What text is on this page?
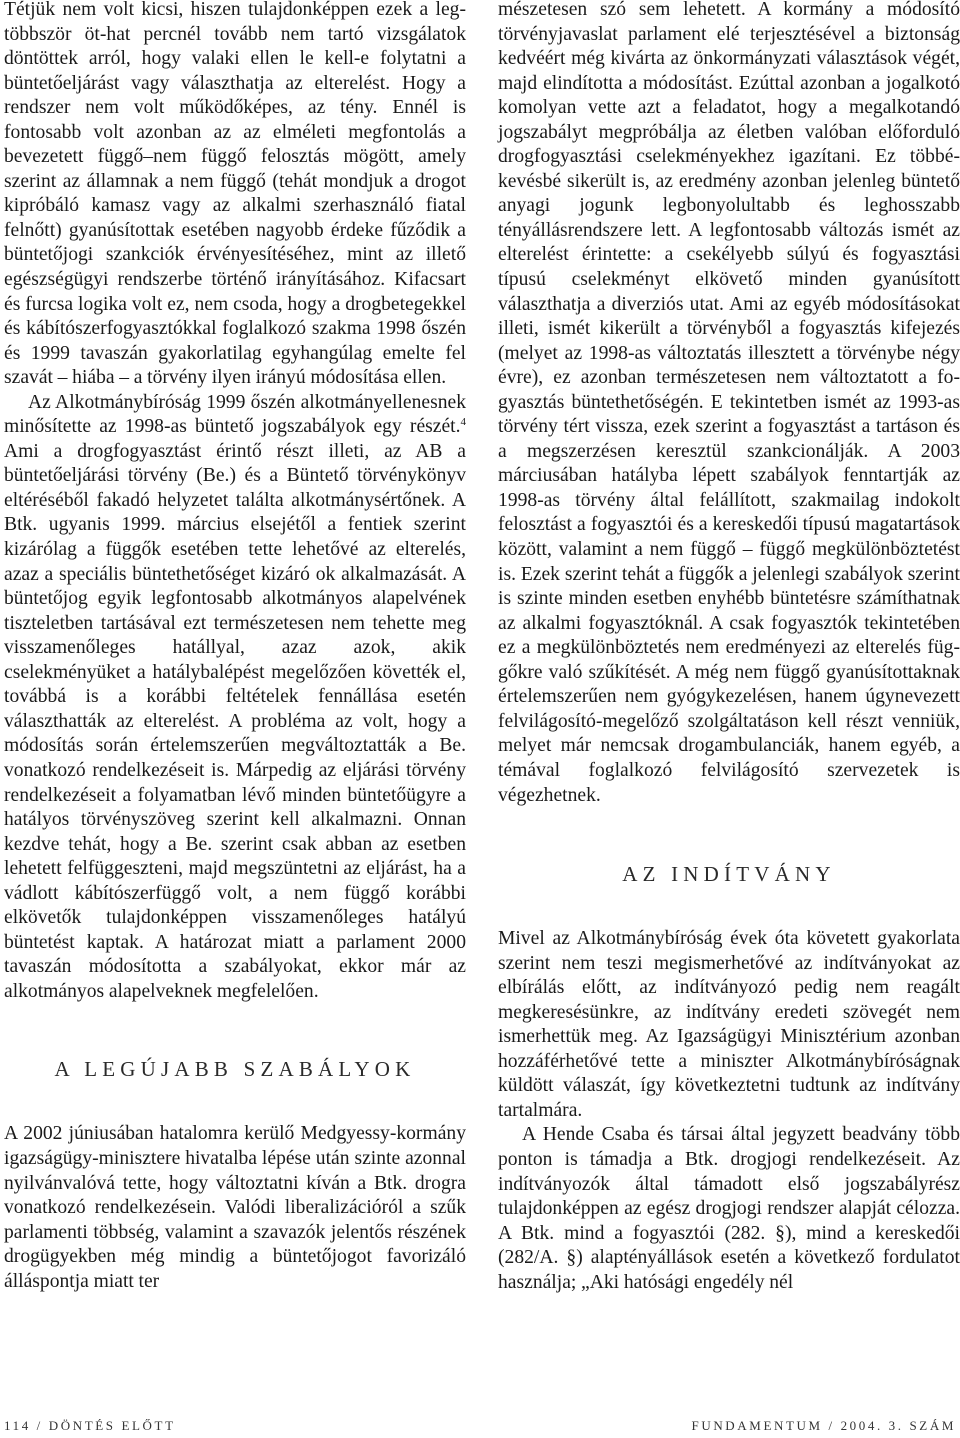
Tétjük nem volt kicsi, hiszen tulajdonképpen ezek a legtöbbször öt-hat percnél tovább nem tartó vizsgálatok döntöttek arról, hogy valaki ellen le kell-e folytatni a büntetőeljárást vagy választhatja az elterelést. Hogy a rendszer nem volt működőképes, az tény. Ennél is fontosabb volt azonban az az elméleti megfontolás a bevezetett függő–nem függő felosztás mögött, amely szerint az államnak a nem függő (tehát mondjuk a drogot kipróbáló kamasz vagy az alkalmi szerhasználó fiatal felnőtt) gyanúsítottak esetében nagyobb érdeke fűződik a büntetőjogi szankciók érvényesítéséhez, mint az illető egészségügyi rendszerbe történő irányításához. Kifacsart és furcsa logika volt ez, nem csoda, hogy a drogbetegekkel és kábítószerfogyasztókkal foglalkozó szakma 1998 őszén és 1999 tavaszán gyakorlatilag egyhangúlag emelte fel szavát – hiába – a törvény ilyen irányú módosítása ellen.

Az Alkotmánybíróság 1999 őszén alkotmányellenesnek minősítette az 1998-as büntető jogszabályok egy részét.$^4$ Ami a drogfogyasztást érintő részt illeti, az AB a büntetőeljárási törvény (Be.) és a Büntető törvénykönyv eltéréséből fakadó helyzetet találta alkotmánysértőnek. A Btk. ugyanis 1999. március elsejétől a fentiek szerint kizárólag a függők esetében tette lehetővé az elterelés, azaz a speciális büntethetőséget kizáró ok alkalmazását. A büntetőjog egyik legfontosabb alkotmányos alapelvének tiszteletben tartásával ezt természetesen nem tehette meg visszamenőleges hatállyal, azaz azok, akik cselekményüket a hatálybalépést megelőzően követték el, továbbá is a korábbi feltételek fennállása esetén választhatták az elterelést. A probléma az volt, hogy a módosítás során értelemszerűen megváltoztatták a Be. vonatkozó rendelkezéseit is. Márpedig az eljárási törvény rendelkezéseit a folyamatban lévő minden büntetőügyre a hatályos törvényszöveg szerint kell alkalmazni. Onnan kezdve tehát, hogy a Be. szerint csak abban az esetben lehetett felfüggeszteni, majd megszüntetni az eljárást, ha a vádlott kábítószerfüggő volt, a nem függő korábbi elkövetők tulajdonképpen visszamenőleges hatályú büntetést kaptak. A határozat miatt a parlament 2000 tavaszán módosította a szabályokat, ekkor már az alkotmányos alapelveknek megfelelően.

A LEGÚJABB SZABÁLYOK

A 2002 júniusában hatalomra kerülő Medgyessy-kormány igazságügy-minisztere hivatalba lépése után szinte azonnal nyilvánvalóvá tette, hogy változtatni kíván a Btk. drogra vonatkozó rendelkezésein. Valódi liberalizációról a szűk parlamenti többség, valamint a szavazók jelentős részének drogügyekben még mindig a büntetőjogot favorizáló álláspontja miatt ter

mészetesen szó sem lehetett. A kormány a módosító törvényjavaslat parlament elé terjesztésével a biztonság kedvéért még kivárta az önkormányzati választások végét, majd elindította a módosítást. Ezúttal azonban a jogalkotó komolyan vette azt a feladatot, hogy a megalkotandó jogszabályt megpróbálja az életben valóban előforduló drogfogyasztási cselekményekhez igazítani. Ez többé-kevésbé sikerült is, az eredmény azonban jelenleg büntető anyagi jogunk legbonyolultabb és leghosszabb tényállásrendszere lett. A legfontosabb változás ismét az elterelést érintette: a csekélyebb súlyú és fogyasztási típusú cselekményt elkövető minden gyanúsított választhatja a diverziós utat. Ami az egyéb módosításokat illeti, ismét kikerült a törvényből a fogyasztás kifejezés (melyet az 1998-as változtatás illesztett a törvénybe négy évre), ez azonban természetesen nem változtatott a fogyasztás büntethetőségén. E tekintetben ismét az 1993-as törvény tért vissza, ezek szerint a fogyasztást a tartáson és a megszerzésen keresztül szankcionálják. A 2003 márciusában hatályba lépett szabályok fenntartják az 1998-as törvény által felállított, szakmailag indokolt felosztást a fogyasztói és a kereskedői típusú magatartások között, valamint a nem függő – függő megkülönböztetést is. Ezek szerint tehát a függők a jelenlegi szabályok szerint is szinte minden esetben enyhébb büntetésre számíthatnak az alkalmi fogyasztóknál. A csak fogyasztók tekintetében ez a megkülönböztetés nem eredményezi az elterelés függőkre való szűkítését. A még nem függő gyanúsítottaknak értelemszerűen nem gyógykezelésen, hanem úgynevezett felvilágosító-megelőző szolgáltatáson kell részt venniük, melyet már nemcsak drogambulanciák, hanem egyéb, a témával foglalkozó felvilágosító szervezetek is végezhetnek.

AZ INDÍTVÁNY

Mivel az Alkotmánybíróság évek óta követett gyakorlata szerint nem teszi megismerhetővé az indítványokat az elbírálás előtt, az indítványozó pedig nem reagált megkeresésünkre, az indítvány eredeti szövegét nem ismerhettük meg. Az Igazságügyi Minisztérium azonban hozzáférhetővé tette a miniszter Alkotmánybíróságnak küldött válaszát, így következtetni tudtunk az indítvány tartalmára.

A Hende Csaba és társai által jegyzett beadvány több ponton is támadja a Btk. drogjogi rendelkezéseit. Az indítványozók által támadott első jogszabályrész tulajdonképpen az egész drogjogi rendszer alapját célozza. A Btk. mind a fogyasztói (282. §), mind a kereskedői (282/A. §) alaptényállások esetén a következő fordulatot használja; „Aki hatósági engedély nél

114 / DÖNTÉS ELŐTT	FUNDAMENTUM / 2004. 3. SZÁM
